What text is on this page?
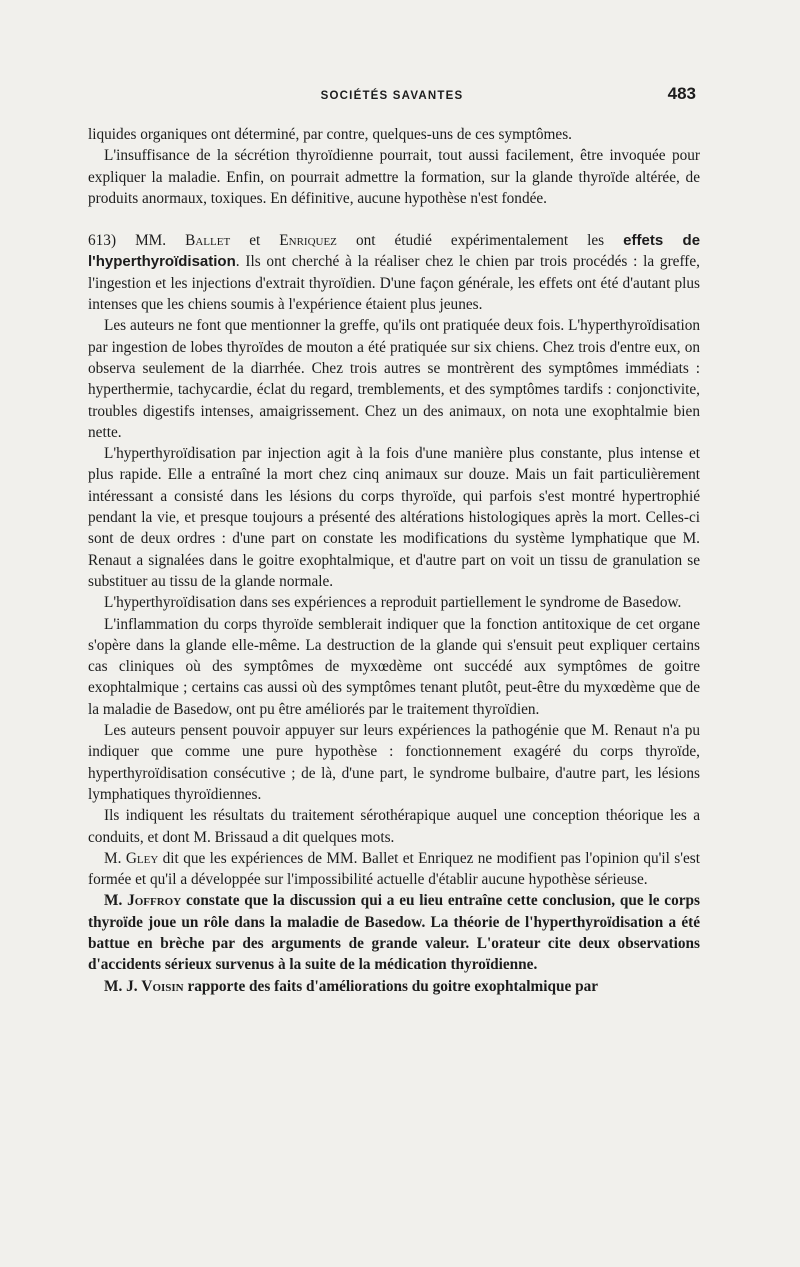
SOCIÉTÉS SAVANTES	483

liquides organiques ont déterminé, par contre, quelques-uns de ces symptômes.

L'insuffisance de la sécrétion thyroïdienne pourrait, tout aussi facilement, être invoquée pour expliquer la maladie. Enfin, on pourrait admettre la formation, sur la glande thyroïde altérée, de produits anormaux, toxiques. En définitive, aucune hypothèse n'est fondée.

613) MM. Ballet et Enriquez ont étudié expérimentalement les effets de l'hyperthyroïdisation. Ils ont cherché à la réaliser chez le chien par trois procédés : la greffe, l'ingestion et les injections d'extrait thyroïdien. D'une façon générale, les effets ont été d'autant plus intenses que les chiens soumis à l'expérience étaient plus jeunes.

Les auteurs ne font que mentionner la greffe, qu'ils ont pratiquée deux fois. L'hyperthyroïdisation par ingestion de lobes thyroïdes de mouton a été pratiquée sur six chiens. Chez trois d'entre eux, on observa seulement de la diarrhée. Chez trois autres se montrèrent des symptômes immédiats : hyperthermie, tachycardie, éclat du regard, tremblements, et des symptômes tardifs : conjonctivite, troubles digestifs intenses, amaigrissement. Chez un des animaux, on nota une exophtalmie bien nette.

L'hyperthyroïdisation par injection agit à la fois d'une manière plus constante, plus intense et plus rapide. Elle a entraîné la mort chez cinq animaux sur douze. Mais un fait particulièrement intéressant a consisté dans les lésions du corps thyroïde, qui parfois s'est montré hypertrophié pendant la vie, et presque toujours a présenté des altérations histologiques après la mort. Celles-ci sont de deux ordres : d'une part on constate les modifications du système lymphatique que M. Renaut a signalées dans le goitre exophtalmique, et d'autre part on voit un tissu de granulation se substituer au tissu de la glande normale.

L'hyperthyroïdisation dans ses expériences a reproduit partiellement le syndrome de Basedow.

L'inflammation du corps thyroïde semblerait indiquer que la fonction antitoxique de cet organe s'opère dans la glande elle-même. La destruction de la glande qui s'ensuit peut expliquer certains cas cliniques où des symptômes de myxœdème ont succédé aux symptômes de goitre exophtalmique ; certains cas aussi où des symptômes tenant plutôt, peut-être du myxœdème que de la maladie de Basedow, ont pu être améliorés par le traitement thyroïdien.

Les auteurs pensent pouvoir appuyer sur leurs expériences la pathogénie que M. Renaut n'a pu indiquer que comme une pure hypothèse : fonctionnement exagéré du corps thyroïde, hyperthyroïdisation consécutive ; de là, d'une part, le syndrome bulbaire, d'autre part, les lésions lymphatiques thyroïdiennes.

Ils indiquent les résultats du traitement sérothérapique auquel une conception théorique les a conduits, et dont M. Brissaud a dit quelques mots.

M. Gley dit que les expériences de MM. Ballet et Enriquez ne modifient pas l'opinion qu'il s'est formée et qu'il a développée sur l'impossibilité actuelle d'établir aucune hypothèse sérieuse.

M. Joffroy constate que la discussion qui a eu lieu entraîne cette conclusion, que le corps thyroïde joue un rôle dans la maladie de Basedow. La théorie de l'hyperthyroïdisation a été battue en brèche par des arguments de grande valeur. L'orateur cite deux observations d'accidents sérieux survenus à la suite de la médication thyroïdienne.

M. J. Voisin rapporte des faits d'améliorations du goitre exophtalmique par
